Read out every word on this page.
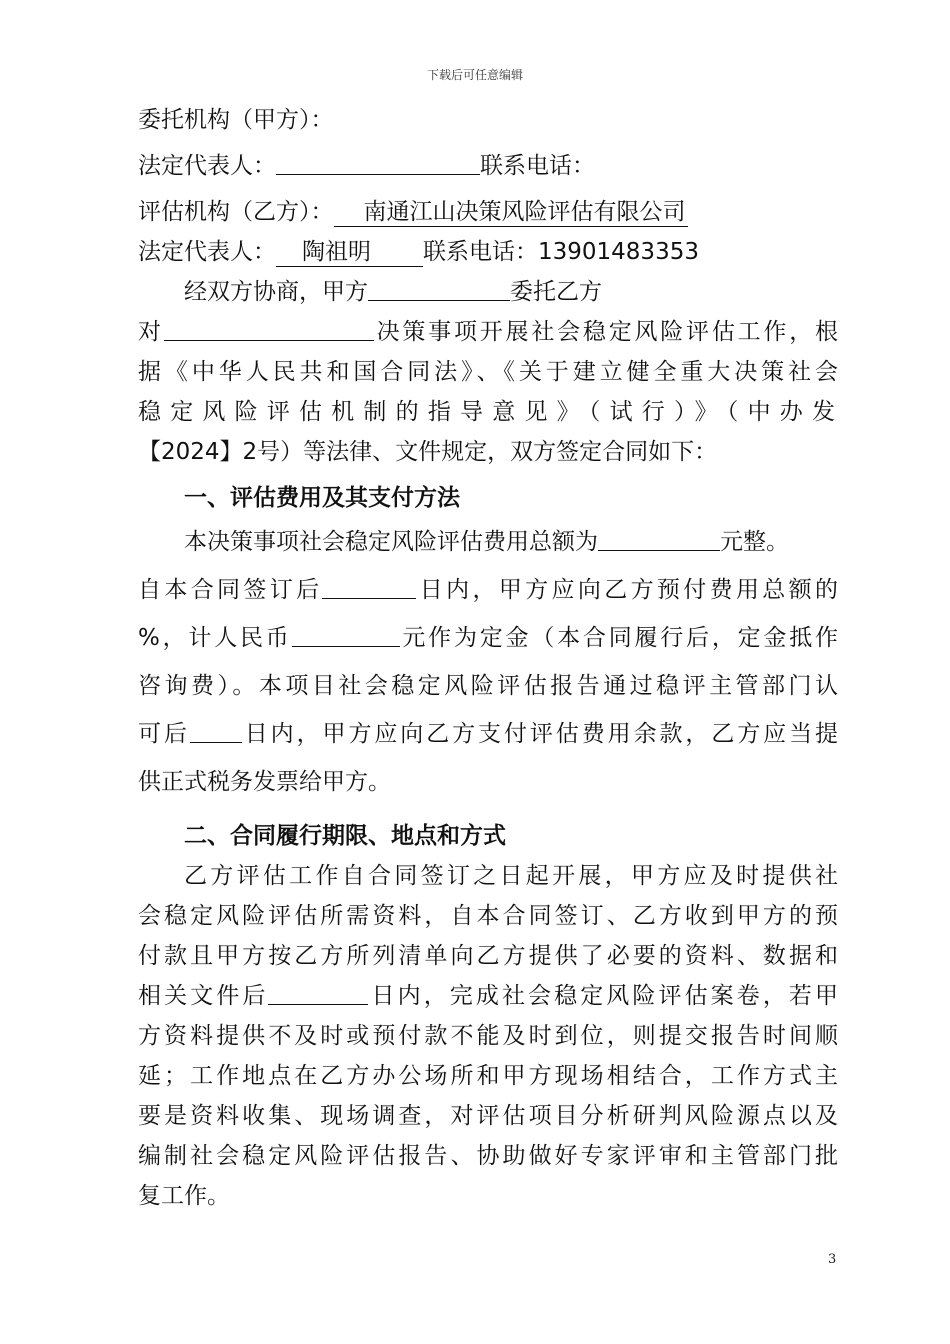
下载后可任意编辑
委托机构（甲方）：
法定代表人：	联系电话：
评估机构（乙方）： 南通江山决策风险评估有限公司
法定代表人： 陶祖明 联系电话：13901483353
经双方协商，甲方	委托乙方
对	决策事项开展社会稳定风险评估工作，根
据《中华人民共和国合同法》、《关于建立健全重大决策社会
稳定风险评估机制的指导意见》（试行）》（中办发
【2024】2号）等法律、文件规定，双方签定合同如下：
一、评估费用及其支付方法
本决策事项社会稳定风险评估费用总额为	元整。
自本合同签订后	日内，甲方应向乙方预付费用总额的
%，计人民币	元作为定金（本合同履行后，定金抵作
咨询费）。本项目社会稳定风险评估报告通过稳评主管部门认
可后 日内，甲方应向乙方支付评估费用余款，乙方应当提
供正式税务发票给甲方。
二、合同履行期限、地点和方式
乙方评估工作自合同签订之日起开展，甲方应及时提供社
会稳定风险评估所需资料，自本合同签订、乙方收到甲方的预
付款且甲方按乙方所列清单向乙方提供了必要的资料、数据和
相关文件后	日内，完成社会稳定风险评估案卷，若甲
方资料提供不及时或预付款不能及时到位，则提交报告时间顺
延；工作地点在乙方办公场所和甲方现场相结合，工作方式主
要是资料收集、现场调查，对评估项目分析研判风险源点以及
编制社会稳定风险评估报告、协助做好专家评审和主管部门批
复工作。
3
